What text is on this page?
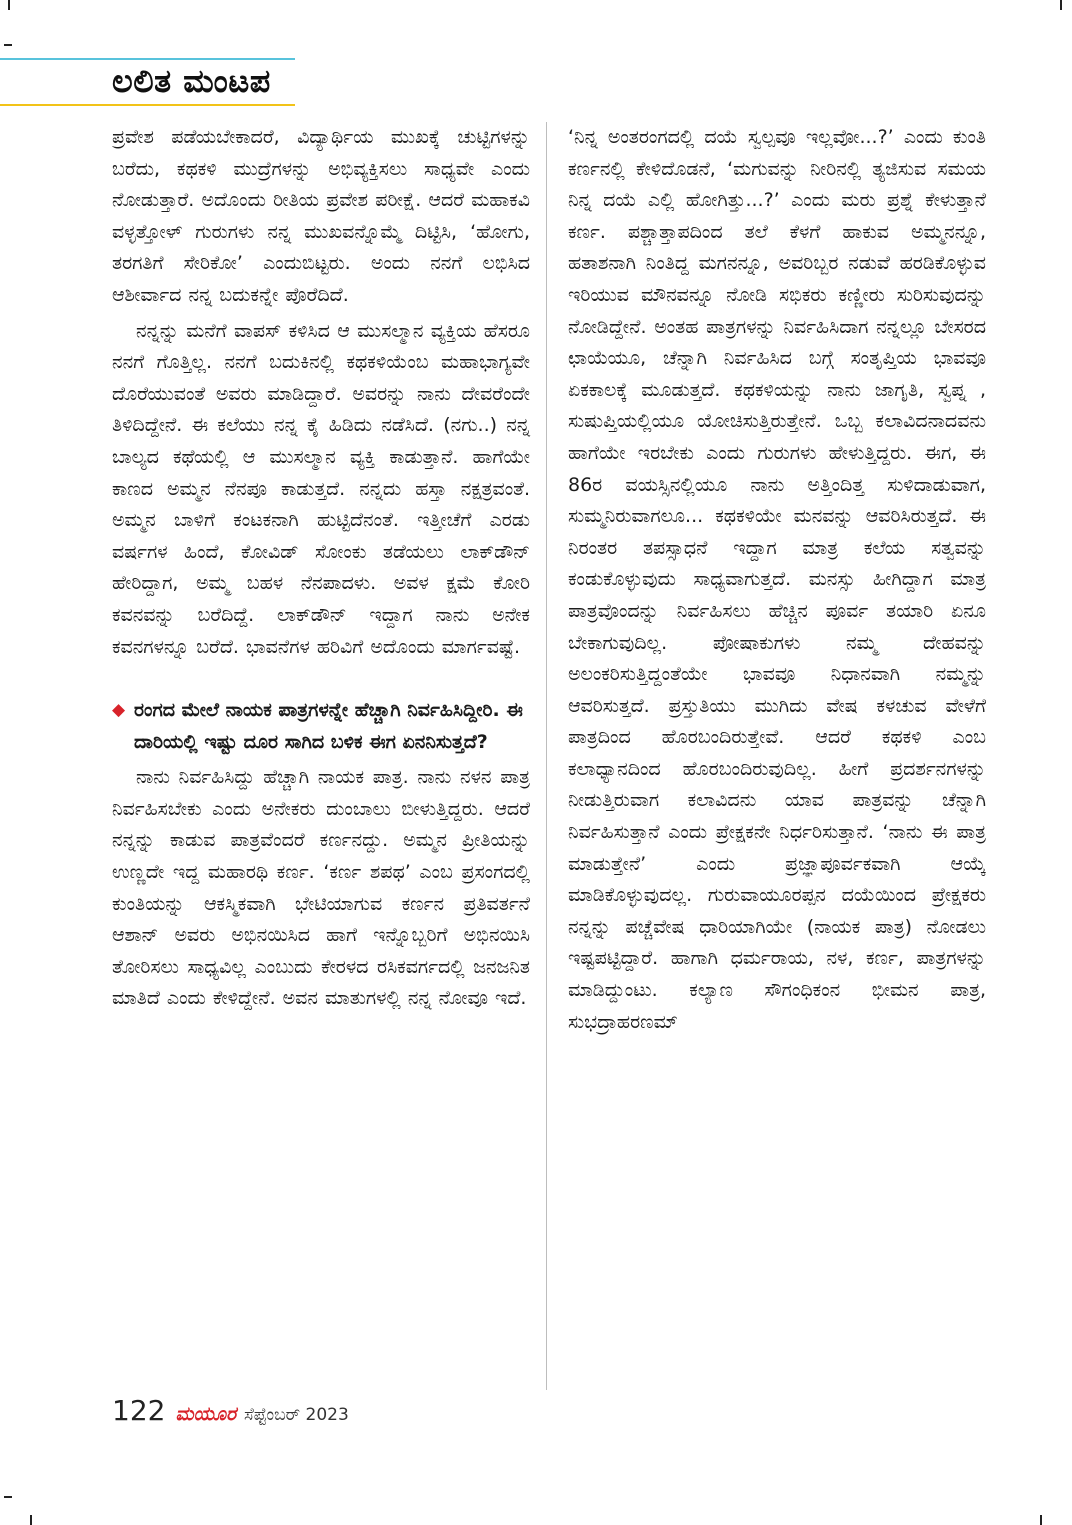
ಲಲಿತ ಮಂಟಪ

ಪ್ರವೇಶ ಪಡೆಯಬೇಕಾದರೆ, ವಿದ್ಯಾರ್ಥಿಯ ಮುಖಕ್ಕೆ ಚುಟ್ಟಿಗಳನ್ನು ಬರೆದು, ಕಥಕಳಿ ಮುದ್ರೆಗಳನ್ನು ಅಭಿವ್ಯಕ್ತಿಸಲು ಸಾಧ್ಯವೇ ಎಂದು ನೋಡುತ್ತಾರೆ. ಅದೊಂದು ರೀತಿಯ ಪ್ರವೇಶ ಪರೀಕ್ಷೆ. ಆದರೆ ಮಹಾಕವಿ ವಳ್ಳತ್ತೋಳ್ ಗುರುಗಳು ನನ್ನ ಮುಖವನ್ನೊಮ್ಮೆ ದಿಟ್ಟಿಸಿ, ‘ಹೋಗು, ತರಗತಿಗೆ ಸೇರಿಕೋ’ ಎಂದುಬಿಟ್ಟರು. ಅಂದು ನನಗೆ ಲಭಿಸಿದ ಆಶೀರ್ವಾದ ನನ್ನ ಬದುಕನ್ನೇ ಪೊರೆದಿದೆ.

ನನ್ನನ್ನು ಮನೆಗೆ ವಾಪಸ್ ಕಳಿಸಿದ ಆ ಮುಸಲ್ಮಾನ ವ್ಯಕ್ತಿಯ ಹೆಸರೂ ನನಗೆ ಗೊತ್ತಿಲ್ಲ. ನನಗೆ ಬದುಕಿನಲ್ಲಿ ಕಥಕಳಿಯೆಂಬ ಮಹಾಭಾಗ್ಯವೇ ದೊರೆಯುವಂತೆ ಅವರು ಮಾಡಿದ್ದಾರೆ. ಅವರನ್ನು ನಾನು ದೇವರೆಂದೇ ತಿಳಿದಿದ್ದೇನೆ. ಈ ಕಲೆಯು ನನ್ನ ಕೈ ಹಿಡಿದು ನಡೆಸಿದೆ. (ನಗು..) ನನ್ನ ಬಾಲ್ಯದ ಕಥೆಯಲ್ಲಿ ಆ ಮುಸಲ್ಮಾನ ವ್ಯಕ್ತಿ ಕಾಡುತ್ತಾನೆ. ಹಾಗೆಯೇ ಕಾಣದ ಅಮ್ಮನ ನೆನಪೂ ಕಾಡುತ್ತದೆ. ನನ್ನದು ಹಸ್ತಾ ನಕ್ಷತ್ರವಂತೆ. ಅಮ್ಮನ ಬಾಳಿಗೆ ಕಂಟಕನಾಗಿ ಹುಟ್ಟಿದೆನಂತೆ. ಇತ್ತೀಚೆಗೆ ಎರಡು ವರ್ಷಗಳ ಹಿಂದೆ, ಕೋವಿಡ್ ಸೋಂಕು ತಡೆಯಲು ಲಾಕ್‌ಡೌನ್ ಹೇರಿದ್ದಾಗ, ಅಮ್ಮ ಬಹಳ ನೆನಪಾದಳು. ಅವಳ ಕ್ಷಮೆ ಕೋರಿ ಕವನವನ್ನು ಬರೆದಿದ್ದೆ. ಲಾಕ್‌ಡೌನ್ ಇದ್ದಾಗ ನಾನು ಅನೇಕ ಕವನಗಳನ್ನೂ ಬರೆದೆ. ಭಾವನೆಗಳ ಹರಿವಿಗೆ ಅದೊಂದು ಮಾರ್ಗವಷ್ಟೆ.

◆ ರಂಗದ ಮೇಲೆ ನಾಯಕ ಪಾತ್ರಗಳನ್ನೇ ಹೆಚ್ಚಾಗಿ ನಿರ್ವಹಿಸಿದ್ದೀರಿ. ಈ ದಾರಿಯಲ್ಲಿ ಇಷ್ಟು ದೂರ ಸಾಗಿದ ಬಳಿಕ ಈಗ ಏನನಿಸುತ್ತದೆ?

ನಾನು ನಿರ್ವಹಿಸಿದ್ದು ಹೆಚ್ಚಾಗಿ ನಾಯಕ ಪಾತ್ರ. ನಾನು ನಳನ ಪಾತ್ರ ನಿರ್ವಹಿಸಬೇಕು ಎಂದು ಅನೇಕರು ದುಂಬಾಲು ಬೀಳುತ್ತಿದ್ದರು. ಆದರೆ ನನ್ನನ್ನು ಕಾಡುವ ಪಾತ್ರವೆಂದರೆ ಕರ್ಣನದ್ದು. ಅಮ್ಮನ ಪ್ರೀತಿಯನ್ನು ಉಣ್ಣದೇ ಇದ್ದ ಮಹಾರಥಿ ಕರ್ಣ. ‘ಕರ್ಣ ಶಪಥ’ ಎಂಬ ಪ್ರಸಂಗದಲ್ಲಿ ಕುಂತಿಯನ್ನು ಆಕಸ್ಮಿಕವಾಗಿ ಭೇಟಿಯಾಗುವ ಕರ್ಣನ ಪ್ರತಿವರ್ತನೆ ಆಶಾನ್ ಅವರು ಅಭಿನಯಿಸಿದ ಹಾಗೆ ಇನ್ನೊಬ್ಬರಿಗೆ ಅಭಿನಯಿಸಿ ತೋರಿಸಲು ಸಾಧ್ಯವಿಲ್ಲ ಎಂಬುದು ಕೇರಳದ ರಸಿಕವರ್ಗದಲ್ಲಿ ಜನಜನಿತ ಮಾತಿದೆ ಎಂದು ಕೇಳಿದ್ದೇನೆ. ಅವನ ಮಾತುಗಳಲ್ಲಿ ನನ್ನ ನೋವೂ ಇದೆ.

‘ನಿನ್ನ ಅಂತರಂಗದಲ್ಲಿ ದಯೆ ಸ್ವಲ್ಪವೂ ಇಲ್ಲವೋ...?’ ಎಂದು ಕುಂತಿ ಕರ್ಣನಲ್ಲಿ ಕೇಳಿದೊಡನೆ, ‘ಮಗುವನ್ನು ನೀರಿನಲ್ಲಿ ತ್ಯಜಿಸುವ ಸಮಯ ನಿನ್ನ ದಯೆ ಎಲ್ಲಿ ಹೋಗಿತ್ತು...?’ ಎಂದು ಮರು ಪ್ರಶ್ನೆ ಕೇಳುತ್ತಾನೆ ಕರ್ಣ. ಪಶ್ಚಾತ್ತಾಪದಿಂದ ತಲೆ ಕೆಳಗೆ ಹಾಕುವ ಅಮ್ಮನನ್ನೂ, ಹತಾಶನಾಗಿ ನಿಂತಿದ್ದ ಮಗನನ್ನೂ, ಅವರಿಬ್ಬರ ನಡುವೆ ಹರಡಿಕೊಳ್ಳುವ ಇರಿಯುವ ಮೌನವನ್ನೂ ನೋಡಿ ಸಭಿಕರು ಕಣ್ಣೀರು ಸುರಿಸುವುದನ್ನು ನೋಡಿದ್ದೇನೆ. ಅಂತಹ ಪಾತ್ರಗಳನ್ನು ನಿರ್ವಹಿಸಿದಾಗ ನನ್ನಲ್ಲೂ ಬೇಸರದ ಛಾಯೆಯೂ, ಚೆನ್ನಾಗಿ ನಿರ್ವಹಿಸಿದ ಬಗ್ಗೆ ಸಂತೃಪ್ತಿಯ ಭಾವವೂ ಏಕಕಾಲಕ್ಕೆ ಮೂಡುತ್ತದೆ. ಕಥಕಳಿಯನ್ನು ನಾನು ಜಾಗೃತಿ, ಸ್ವಪ್ನ , ಸುಷುಪ್ತಿಯಲ್ಲಿಯೂ ಯೋಚಿಸುತ್ತಿರುತ್ತೇನೆ. ಒಬ್ಬ ಕಲಾವಿದನಾದವನು ಹಾಗೆಯೇ ಇರಬೇಕು ಎಂದು ಗುರುಗಳು ಹೇಳುತ್ತಿದ್ದರು. ಈಗ, ಈ 86ರ ವಯಸ್ಸಿನಲ್ಲಿಯೂ ನಾನು ಅತ್ತಿಂದಿತ್ತ ಸುಳಿದಾಡುವಾಗ, ಸುಮ್ಮನಿರುವಾಗಲೂ... ಕಥಕಳಿಯೇ ಮನವನ್ನು ಆವರಿಸಿರುತ್ತದೆ. ಈ ನಿರಂತರ ತಪಸ್ಸಾಧನೆ ಇದ್ದಾಗ ಮಾತ್ರ ಕಲೆಯ ಸತ್ವವನ್ನು ಕಂಡುಕೊಳ್ಳುವುದು ಸಾಧ್ಯವಾಗುತ್ತದೆ. ಮನಸ್ಸು ಹೀಗಿದ್ದಾಗ ಮಾತ್ರ ಪಾತ್ರವೊಂದನ್ನು ನಿರ್ವಹಿಸಲು ಹೆಚ್ಚಿನ ಪೂರ್ವ ತಯಾರಿ ಏನೂ ಬೇಕಾಗುವುದಿಲ್ಲ. ಪೋಷಾಕುಗಳು ನಮ್ಮ ದೇಹವನ್ನು ಅಲಂಕರಿಸುತ್ತಿದ್ದಂತೆಯೇ ಭಾವವೂ ನಿಧಾನವಾಗಿ ನಮ್ಮನ್ನು ಆವರಿಸುತ್ತದೆ. ಪ್ರಸ್ತುತಿಯು ಮುಗಿದು ವೇಷ ಕಳಚುವ ವೇಳೆಗೆ ಪಾತ್ರದಿಂದ ಹೊರಬಂದಿರುತ್ತೇವೆ. ಆದರೆ ಕಥಕಳಿ ಎಂಬ ಕಲಾಧ್ಯಾನದಿಂದ ಹೊರಬಂದಿರುವುದಿಲ್ಲ. ಹೀಗೆ ಪ್ರದರ್ಶನಗಳನ್ನು ನೀಡುತ್ತಿರುವಾಗ ಕಲಾವಿದನು ಯಾವ ಪಾತ್ರವನ್ನು ಚೆನ್ನಾಗಿ ನಿರ್ವಹಿಸುತ್ತಾನೆ ಎಂದು ಪ್ರೇಕ್ಷಕನೇ ನಿರ್ಧರಿಸುತ್ತಾನೆ. ‘ನಾನು ಈ ಪಾತ್ರ ಮಾಡುತ್ತೇನೆ’ ಎಂದು ಪ್ರಜ್ಞಾಪೂರ್ವಕವಾಗಿ ಆಯ್ಕೆ ಮಾಡಿಕೊಳ್ಳುವುದಲ್ಲ. ಗುರುವಾಯೂರಪ್ಪನ ದಯೆಯಿಂದ ಪ್ರೇಕ್ಷಕರು ನನ್ನನ್ನು ಪಚ್ಚೆವೇಷ ಧಾರಿಯಾಗಿಯೇ (ನಾಯಕ ಪಾತ್ರ) ನೋಡಲು ಇಷ್ಟಪಟ್ಟಿದ್ದಾರೆ. ಹಾಗಾಗಿ ಧರ್ಮರಾಯ, ನಳ, ಕರ್ಣ, ಪಾತ್ರಗಳನ್ನು ಮಾಡಿದ್ದುಂಟು. ಕಲ್ಯಾಣ ಸೌಗಂಧಿಕಂನ ಭೀಮನ ಪಾತ್ರ, ಸುಭದ್ರಾಹರಣಮ್

122 ಮಯೂರ ಸೆಪ್ಟೆಂಬರ್ 2023
